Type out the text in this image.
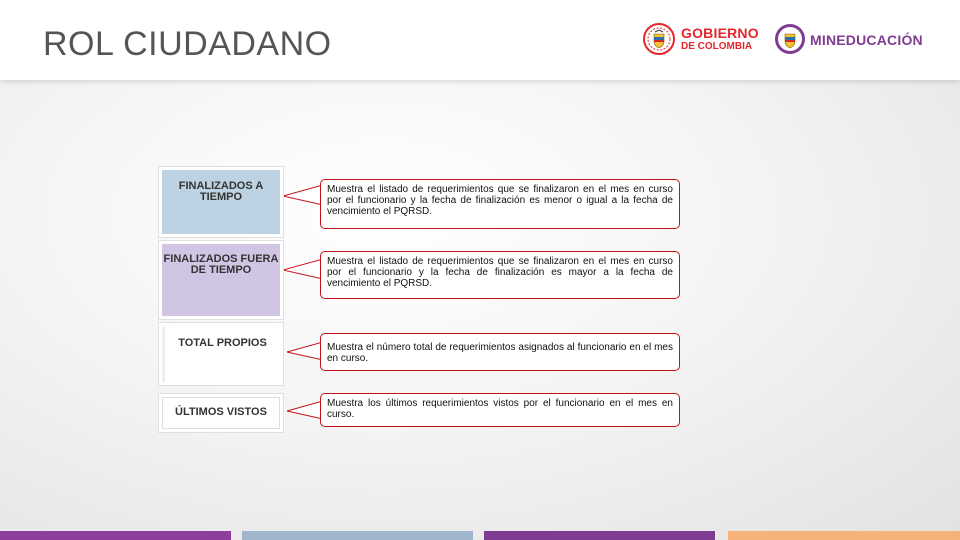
ROL CIUDADANO	GOBIERNO
DE COLOMBIA	MINEDUCACIÓN
FINALIZADOS A TIEMPO
FINALIZADOS FUERA DE TIEMPO
TOTAL PROPIOS
ÚLTIMOS VISTOS
Muestra el listado de requerimientos que se finalizaron en el mes en curso por el funcionario y la fecha de finalización es menor o igual a la fecha de vencimiento el PQRSD.
Muestra el listado de requerimientos que se finalizaron en el mes en curso por el funcionario y la fecha de finalización es mayor a la fecha de vencimiento el PQRSD.
Muestra el número total de requerimientos asignados al funcionario en el mes en curso.
Muestra los últimos requerimientos vistos por el funcionario en el mes en curso.
